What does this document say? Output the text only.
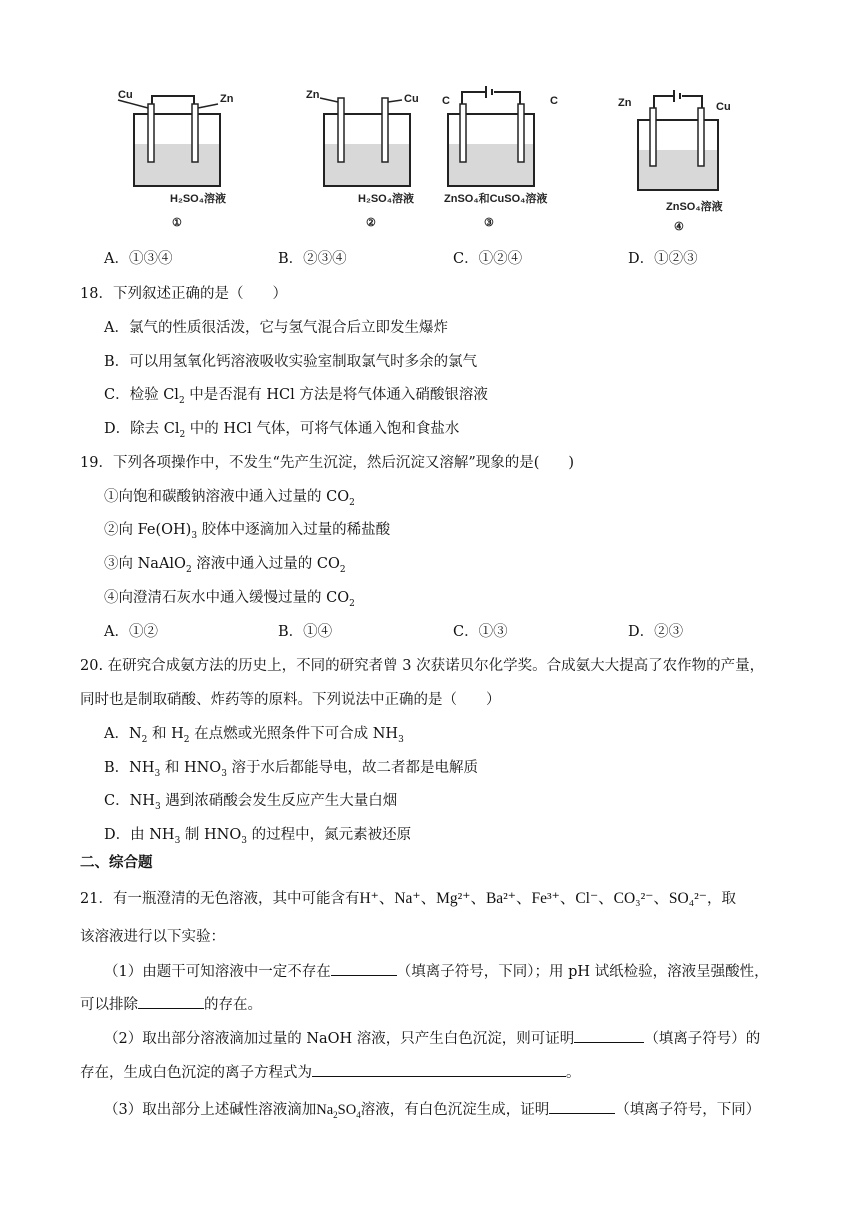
Cu	Zn
H₂SO₄溶液
①
Zn	Cu
H₂SO₄溶液
②
C	C
ZnSO₄和CuSO₄溶液
③
Zn	Cu
ZnSO₄溶液
④
A．①③④	B．②③④	C．①②④	D．①②③
18．下列叙述正确的是（　　）
A．氯气的性质很活泼，它与氢气混合后立即发生爆炸
B．可以用氢氧化钙溶液吸收实验室制取氯气时多余的氯气
C．检验 $Cl_2$ 中是否混有 HCl 方法是将气体通入硝酸银溶液
D．除去 $Cl_2$ 中的 HCl 气体，可将气体通入饱和食盐水
19．下列各项操作中，不发生“先产生沉淀，然后沉淀又溶解”现象的是(　　)
①向饱和碳酸钠溶液中通入过量的 $CO_2$
②向 $Fe(OH)_3$ 胶体中逐滴加入过量的稀盐酸
③向 NaAlO$_2$ 溶液中通入过量的 $CO_2$
④向澄清石灰水中通入缓慢过量的 $CO_2$
A．①②	B．①④	C．①③	D．②③
20. 在研究合成氨方法的历史上，不同的研究者曾 3 次获诺贝尔化学奖。合成氨大大提高了农作物的产量，
同时也是制取硝酸、炸药等的原料。下列说法中正确的是（　　）
A．$N_2$ 和 $H_2$ 在点燃或光照条件下可合成 $NH_3$
B．$NH_3$ 和 $HNO_3$ 溶于水后都能导电，故二者都是电解质
C．$NH_3$ 遇到浓硝酸会发生反应产生大量白烟
D．由 $NH_3$ 制 $HNO_3$ 的过程中，氮元素被还原
二、综合题
21．有一瓶澄清的无色溶液，其中可能含有H⁺、Na⁺、Mg²⁺、Ba²⁺、Fe³⁺、Cl⁻、CO₃²⁻、SO₄²⁻，取
该溶液进行以下实验：
（1）由题干可知溶液中一定不存在	（填离子符号，下同）；用 pH 试纸检验，溶液呈强酸性，
可以排除	的存在。
（2）取出部分溶液滴加过量的 NaOH 溶液，只产生白色沉淀，则可证明	（填离子符号）的
存在，生成白色沉淀的离子方程式为	。
（3）取出部分上述碱性溶液滴加$Na_2SO_4$溶液，有白色沉淀生成，证明	（填离子符号，下同）
